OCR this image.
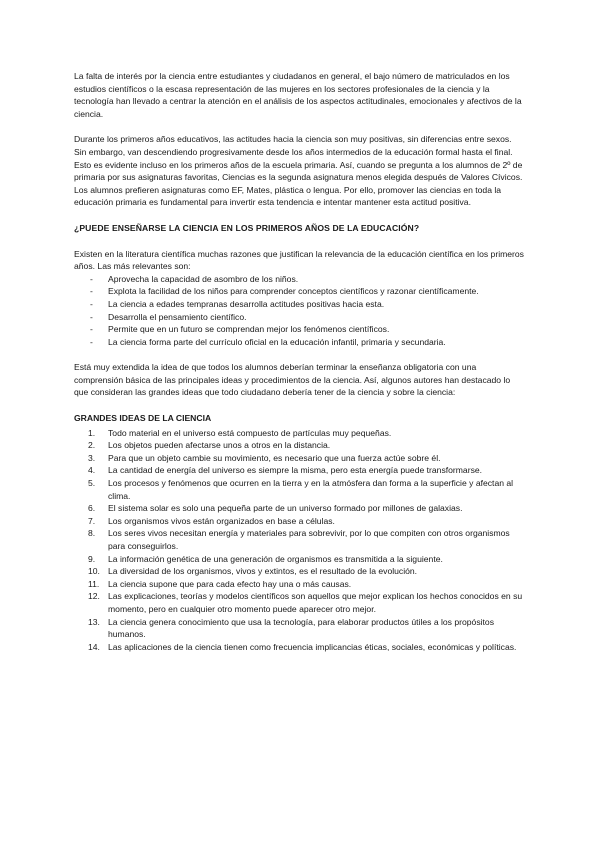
La falta de interés por la ciencia entre estudiantes y ciudadanos en general, el bajo número de matriculados en los estudios científicos o la escasa representación de las mujeres en los sectores profesionales de la ciencia y la tecnología han llevado a centrar la atención en el análisis de los aspectos actitudinales, emocionales y afectivos de la ciencia.

Durante los primeros años educativos, las actitudes hacia la ciencia son muy positivas, sin diferencias entre sexos. Sin embargo, van descendiendo progresivamente desde los años intermedios de la educación formal hasta el final.

Esto es evidente incluso en los primeros años de la escuela primaria. Así, cuando se pregunta a los alumnos de 2º de primaria por sus asignaturas favoritas, Ciencias es la segunda asignatura menos elegida después de Valores Cívicos.

Los alumnos prefieren asignaturas como EF, Mates, plástica o lengua. Por ello, promover las ciencias en toda la educación primaria es fundamental para invertir esta tendencia e intentar mantener esta actitud positiva.

¿PUEDE ENSEÑARSE LA CIENCIA EN LOS PRIMEROS AÑOS DE LA EDUCACIÓN?

Existen en la literatura científica muchas razones que justifican la relevancia de la educación científica en los primeros años. Las más relevantes son:

- Aprovecha la capacidad de asombro de los niños.
- Explota la facilidad de los niños para comprender conceptos científicos y razonar científicamente.
- La ciencia a edades tempranas desarrolla actitudes positivas hacia esta.
- Desarrolla el pensamiento científico.
- Permite que en un futuro se comprendan mejor los fenómenos científicos.
- La ciencia forma parte del currículo oficial en la educación infantil, primaria y secundaria.

Está muy extendida la idea de que todos los alumnos deberían terminar la enseñanza obligatoria con una comprensión básica de las principales ideas y procedimientos de la ciencia. Así, algunos autores han destacado lo que consideran las grandes ideas que todo ciudadano debería tener de la ciencia y sobre la ciencia:

GRANDES IDEAS DE LA CIENCIA
1. Todo material en el universo está compuesto de partículas muy pequeñas.
2. Los objetos pueden afectarse unos a otros en la distancia.
3. Para que un objeto cambie su movimiento, es necesario que una fuerza actúe sobre él.
4. La cantidad de energía del universo es siempre la misma, pero esta energía puede transformarse.
5. Los procesos y fenómenos que ocurren en la tierra y en la atmósfera dan forma a la superficie y afectan al clima.
6. El sistema solar es solo una pequeña parte de un universo formado por millones de galaxias.
7. Los organismos vivos están organizados en base a células.
8. Los seres vivos necesitan energía y materiales para sobrevivir, por lo que compiten con otros organismos para conseguirlos.
9. La información genética de una generación de organismos es transmitida a la siguiente.
10. La diversidad de los organismos, vivos y extintos, es el resultado de la evolución.
11. La ciencia supone que para cada efecto hay una o más causas.
12. Las explicaciones, teorías y modelos científicos son aquellos que mejor explican los hechos conocidos en su momento, pero en cualquier otro momento puede aparecer otro mejor.
13. La ciencia genera conocimiento que usa la tecnología, para elaborar productos útiles a los propósitos humanos.
14. Las aplicaciones de la ciencia tienen como frecuencia implicancias éticas, sociales, económicas y políticas.
